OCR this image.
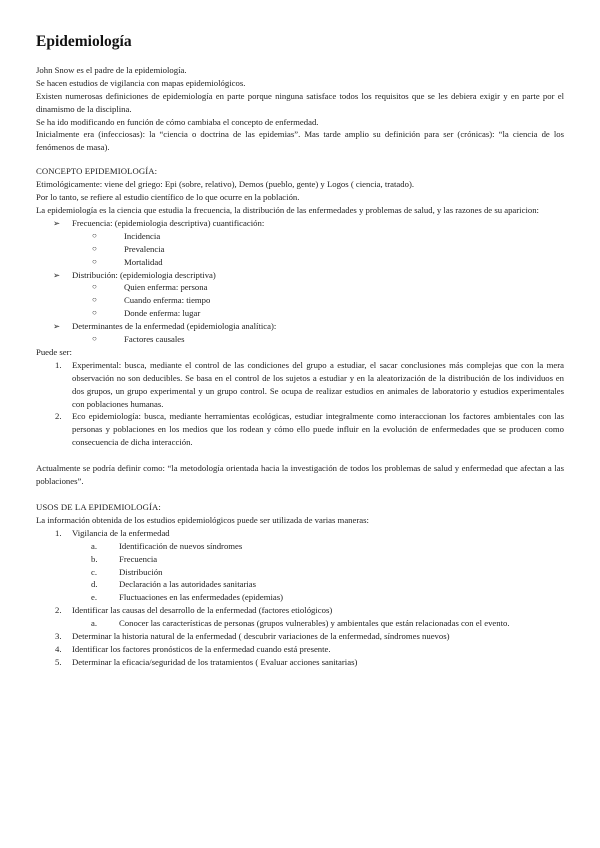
Epidemiología

John Snow es el padre de la epidemiología.

Se hacen estudios de vigilancia con mapas epidemiológicos.

Existen numerosas definiciones de epidemiología en parte porque ninguna satisface todos los requisitos que se les debiera exigir y en parte por el dinamismo de la disciplina.

Se ha ido modificando en función de cómo cambiaba el concepto de enfermedad.

Inicialmente era (infecciosas): la “ciencia o doctrina de las epidemias”. Mas tarde amplio su definición para ser (crónicas): “la ciencia de los fenómenos de masa).

CONCEPTO EPIDEMIOLOGÍA:

Etimológicamente: viene del griego: Epi (sobre, relativo), Demos (pueblo, gente) y Logos ( ciencia, tratado).

Por lo tanto, se refiere al estudio científico de lo que ocurre en la población.

La epidemiología es la ciencia que estudia la frecuencia, la distribución de las enfermedades y problemas de salud, y las razones de su aparicion:

➢ Frecuencia: (epidemiologia descriptiva) cuantificación:
○	Incidencia
○	Prevalencia
○	Mortalidad
➢ Distribución: (epidemiologia descriptiva)
○	Quien enferma: persona
○	Cuando enferma: tiempo
○	Donde enferma: lugar
➢ Determinantes de la enfermedad (epidemiologia analítica):
○	Factores causales

Puede ser:

1. Experimental: busca, mediante el control de las condiciones del grupo a estudiar, el sacar conclusiones más complejas que con la mera observación no son deducibles. Se basa en el control de los sujetos a estudiar y en la aleatorización de la distribución de los individuos en dos grupos, un grupo experimental y un grupo control. Se ocupa de realizar estudios en animales de laboratorio y estudios experimentales con poblaciones humanas.
2. Eco epidemiología: busca, mediante herramientas ecológicas, estudiar integralmente como interaccionan los factores ambientales con las personas y poblaciones en los medios que los rodean y cómo ello puede influir en la evolución de enfermedades que se producen como consecuencia de dicha interacción.

Actualmente se podría definir como: “la metodología orientada hacia la investigación de todos los problemas de salud y enfermedad que afectan a las poblaciones”.

USOS DE LA EPIDEMIOLOGÍA:

La información obtenida de los estudios epidemiológicos puede ser utilizada de varias maneras:

1. Vigilancia de la enfermedad
a.	Identificación de nuevos síndromes
b. Frecuencia
c.	Distribución
d. Declaración a las autoridades sanitarias
e.	Fluctuaciones en las enfermedades (epidemias)
2. Identificar las causas del desarrollo de la enfermedad (factores etiológicos)
a.	Conocer las características de personas (grupos vulnerables) y ambientales que están relacionadas con el evento.
3. Determinar la historia natural de la enfermedad ( descubrir variaciones de la enfermedad, síndromes nuevos)
4. Identificar los factores pronósticos de la enfermedad cuando está presente.
5. Determinar la eficacia/seguridad de los tratamientos ( Evaluar acciones sanitarias)
